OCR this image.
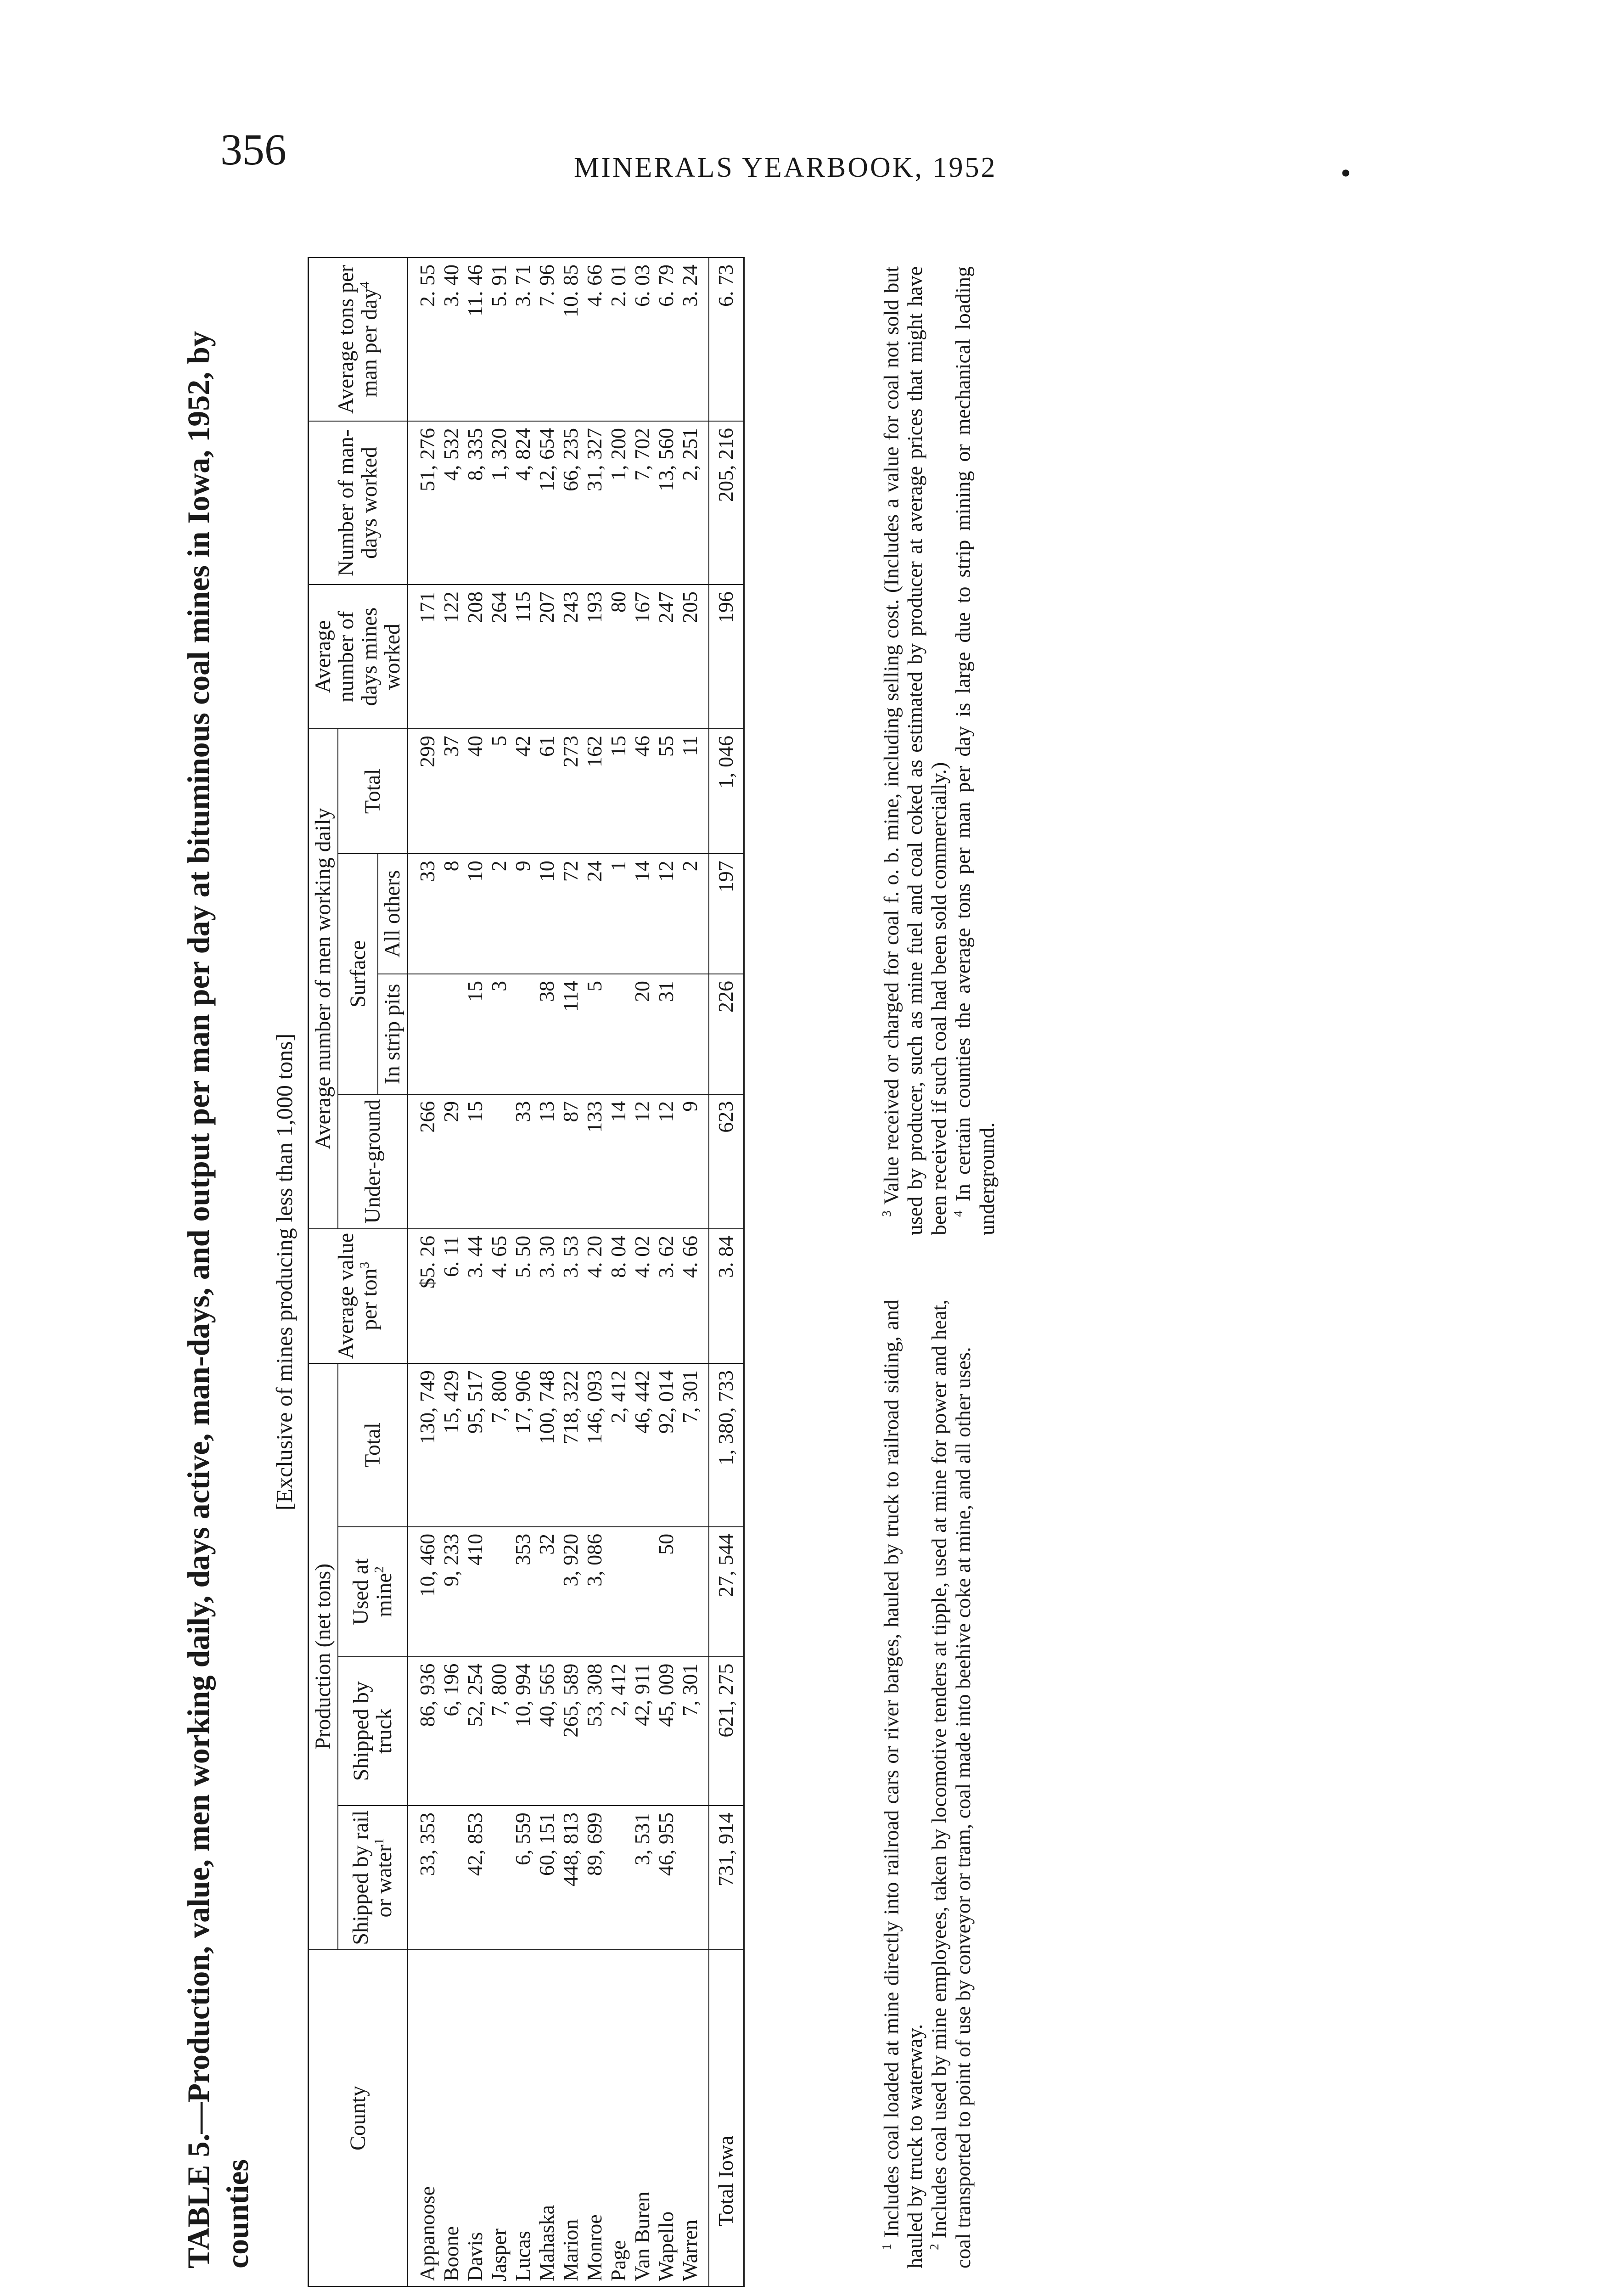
356	MINERALS YEARBOOK, 1952	•
TABLE 5.—Production, value, men working daily, days active, man-days, and output per man per day at bituminous coal mines in Iowa, 1952, by counties
[Exclusive of mines producing less than 1,000 tons]
County	Production (net tons)				Average value per ton$^3$	Average number of men working daily				Average number of days mines worked	Number of man-days worked	Average tons per man per day$^4$
	Shipped by rail or water$^1$	Shipped by truck	Used at mine$^2$	Total		Under-ground	Surface		Total			
							In strip pits	All others				
Appanoose	33, 353	86, 936	10, 460	130, 749	$5. 26	266		33	299	171	51, 276	2. 55
Boone		6, 196	9, 233	15, 429	6. 11	29		8	37	122	4, 532	3. 40
Davis	42, 853	52, 254	410	95, 517	3. 44	15	15	10	40	208	8, 335	11. 46
Jasper		7, 800		7, 800	4. 65		3	2	5	264	1, 320	5. 91
Lucas	6, 559	10, 994	353	17, 906	5. 50	33		9	42	115	4, 824	3. 71
Mahaska	60, 151	40, 565	32	100, 748	3. 30	13	38	10	61	207	12, 654	7. 96
Marion	448, 813	265, 589	3, 920	718, 322	3. 53	87	114	72	273	243	66, 235	10. 85
Monroe	89, 699	53, 308	3, 086	146, 093	4. 20	133	5	24	162	193	31, 327	4. 66
Page		2, 412		2, 412	8. 04	14		1	15	80	1, 200	2. 01
Van Buren	3, 531	42, 911		46, 442	4. 02	12	20	14	46	167	7, 702	6. 03
Wapello	46, 955	45, 009	50	92, 014	3. 62	12	31	12	55	247	13, 560	6. 79
Warren		7, 301		7, 301	4. 66	9		2	11	205	2, 251	3. 24
Total Iowa	731, 914	621, 275	27, 544	1, 380, 733	3. 84	623	226	197	1, 046	196	205, 216	6. 73

$^1$ Includes coal loaded at mine directly into railroad cars or river barges, hauled by truck to railroad siding, and hauled by truck to waterway. $^2$ Includes coal used by mine employees, taken by locomotive tenders at tipple, used at mine for power and heat, coal transported to point of use by conveyor or tram, coal made into beehive coke at mine, and all other uses.

$^3$ Value received or charged for coal f. o. b. mine, including selling cost. (Includes a value for coal not sold but used by producer, such as mine fuel and coal coked as estimated by producer at average prices that might have been received if such coal had been sold commercially.) $^4$ In certain counties the average tons per man per day is large due to strip mining or mechanical loading underground.
